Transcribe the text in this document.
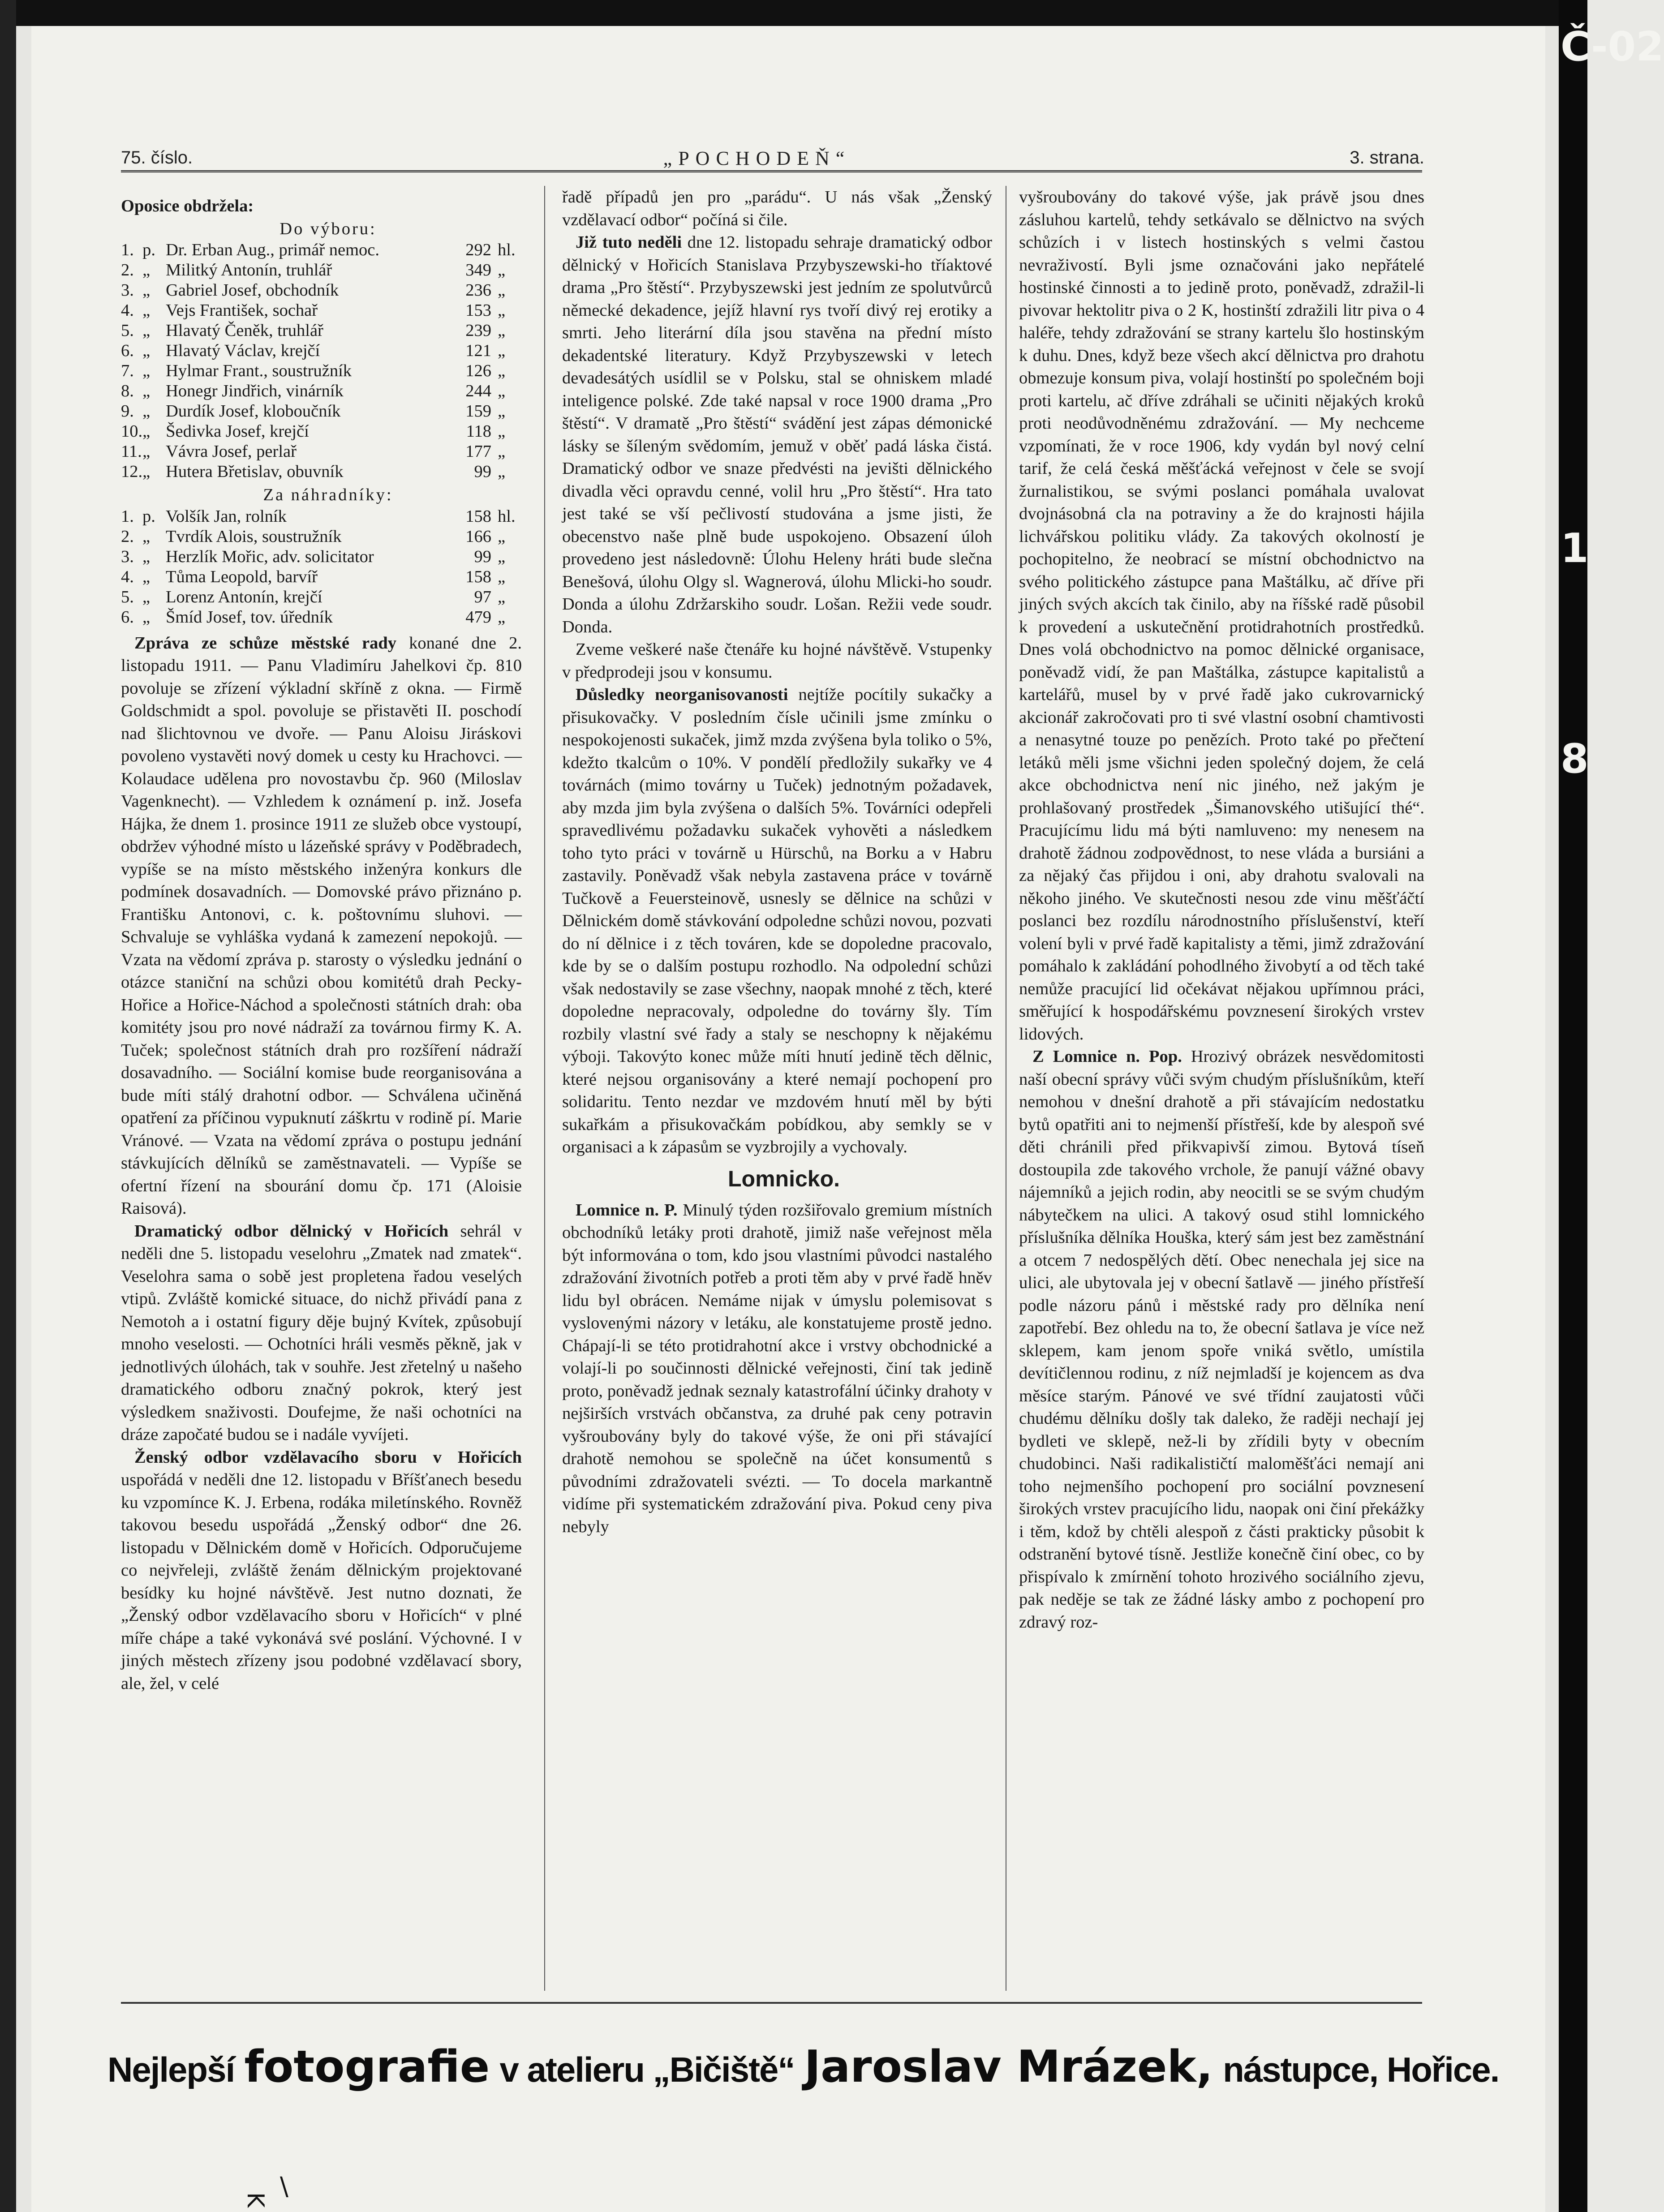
Č-02
1
8
75. číslo.	„POCHODEŇ“	3. strana.

Oposice obdržela:

Do výboru:

1.	p.	Dr. Erban Aug., primář nemoc.	292	hl.
2.	„	Militký Antonín, truhlář	349	„
3.	„	Gabriel Josef, obchodník	236	„
4.	„	Vejs František, sochař	153	„
5.	„	Hlavatý Čeněk, truhlář	239	„
6.	„	Hlavatý Václav, krejčí	121	„
7.	„	Hylmar Frant., soustružník	126	„
8.	„	Honegr Jindřich, vinárník	244	„
9.	„	Durdík Josef, kloboučník	159	„
10.	„	Šedivka Josef, krejčí	118	„
11.	„	Vávra Josef, perlař	177	„
12.	„	Hutera Břetislav, obuvník	99	„

Za náhradníky:

1.	p.	Volšík Jan, rolník	158	hl.
2.	„	Tvrdík Alois, soustružník	166	„
3.	„	Herzlík Mořic, adv. solicitator	99	„
4.	„	Tůma Leopold, barvíř	158	„
5.	„	Lorenz Antonín, krejčí	97	„
6.	„	Šmíd Josef, tov. úředník	479	„

Zpráva ze schůze městské rady konané dne 2. listopadu 1911. — Panu Vladimíru Jahelkovi čp. 810 povoluje se zřízení výkladní skříně z okna. — Firmě Goldschmidt a spol. povoluje se přistavěti II. poschodí nad šlichtovnou ve dvoře. — Panu Aloisu Jiráskovi povoleno vystavěti nový domek u cesty ku Hrachovci. — Kolaudace udělena pro novostavbu čp. 960 (Miloslav Vagenknecht). — Vzhledem k oznámení p. inž. Josefa Hájka, že dnem 1. prosince 1911 ze služeb obce vystoupí, obdržev výhodné místo u lázeňské správy v Poděbradech, vypíše se na místo městského inženýra konkurs dle podmínek dosavadních. — Domovské právo přiznáno p. Františku Antonovi, c. k. poštovnímu sluhovi. — Schvaluje se vyhláška vydaná k zamezení nepokojů. — Vzata na vědomí zpráva p. starosty o výsledku jednání o otázce staniční na schůzi obou komitétů drah Pecky-Hořice a Hořice-Náchod a společnosti státních drah: oba komitéty jsou pro nové nádraží za továrnou firmy K. A. Tuček; společnost státních drah pro rozšíření nádraží dosavadního. — Sociální komise bude reorganisována a bude míti stálý drahotní odbor. — Schválena učiněná opatření za příčinou vypuknutí záškrtu v rodině pí. Marie Vránové. — Vzata na vědomí zpráva o postupu jednání stávkujících dělníků se zaměstnavateli. — Vypíše se ofertní řízení na sbourání domu čp. 171 (Aloisie Raisová).

Dramatický odbor dělnický v Hořicích sehrál v neděli dne 5. listopadu veselohru „Zmatek nad zmatek“. Veselohra sama o sobě jest propletena řadou veselých vtipů. Zvláště komické situace, do nichž přivádí pana z Nemotoh a i ostatní figury děje bujný Kvítek, způsobují mnoho veselosti. — Ochotníci hráli vesměs pěkně, jak v jednotlivých úlohách, tak v souhře. Jest zřetelný u našeho dramatického odboru značný pokrok, který jest výsledkem snaživosti. Doufejme, že naši ochotníci na dráze započaté budou se i nadále vyvíjeti.

Ženský odbor vzdělavacího sboru v Hořicích uspořádá v neděli dne 12. listopadu v Bříšťanech besedu ku vzpomínce K. J. Erbena, rodáka miletínského. Rovněž takovou besedu uspořádá „Ženský odbor“ dne 26. listopadu v Dělnickém domě v Hořicích. Odporučujeme co nejvřeleji, zvláště ženám dělnickým projektované besídky ku hojné návštěvě. Jest nutno doznati, že „Ženský odbor vzdělavacího sboru v Hořicích“ v plné míře chápe a také vykonává své poslání. Výchovné. I v jiných městech zřízeny jsou podobné vzdělavací sbory, ale, žel, v celé

řadě případů jen pro „parádu“. U nás však „Ženský vzdělavací odbor“ počíná si čile.

Již tuto neděli dne 12. listopadu sehraje dramatický odbor dělnický v Hořicích Stanislava Przybyszewski-ho tříaktové drama „Pro štěstí“. Przybyszewski jest jedním ze spolutvůrců německé dekadence, jejíž hlavní rys tvoří divý rej erotiky a smrti. Jeho literární díla jsou stavěna na přední místo dekadentské literatury. Když Przybyszewski v letech devadesátých usídlil se v Polsku, stal se ohniskem mladé inteligence polské. Zde také napsal v roce 1900 drama „Pro štěstí“. V dramatě „Pro štěstí“ svádění jest zápas démonické lásky se šíleným svědomím, jemuž v oběť padá láska čistá. Dramatický odbor ve snaze předvésti na jevišti dělnického divadla věci opravdu cenné, volil hru „Pro štěstí“. Hra tato jest také se vší pečlivostí studována a jsme jisti, že obecenstvo naše plně bude uspokojeno. Obsazení úloh provedeno jest následovně: Úlohu Heleny hráti bude slečna Benešová, úlohu Olgy sl. Wagnerová, úlohu Mlicki-ho soudr. Donda a úlohu Zdržarskiho soudr. Lošan. Režii vede soudr. Donda.

Zveme veškeré naše čtenáře ku hojné návštěvě. Vstupenky v předprodeji jsou v konsumu.

Důsledky neorganisovanosti nejtíže pocítily sukačky a přisukovačky. V posledním čísle učinili jsme zmínku o nespokojenosti sukaček, jimž mzda zvýšena byla toliko o 5%, kdežto tkalcům o 10%. V pondělí předložily sukařky ve 4 továrnách (mimo továrny u Tuček) jednotným požadavek, aby mzda jim byla zvýšena o dalších 5%. Továrníci odepřeli spravedlivému požadavku sukaček vyhověti a následkem toho tyto práci v továrně u Hürschů, na Borku a v Habru zastavily. Poněvadž však nebyla zastavena práce v továrně Tučkově a Feuersteinově, usnesly se dělnice na schůzi v Dělnickém domě stávkování odpoledne schůzi novou, pozvati do ní dělnice i z těch továren, kde se dopoledne pracovalo, kde by se o dalším postupu rozhodlo. Na odpolední schůzi však nedostavily se zase všechny, naopak mnohé z těch, které dopoledne nepracovaly, odpoledne do továrny šly. Tím rozbily vlastní své řady a staly se neschopny k nějakému výboji. Takovýto konec může míti hnutí jedině těch dělnic, které nejsou organisovány a které nemají pochopení pro solidaritu. Tento nezdar ve mzdovém hnutí měl by býti sukařkám a přisukovačkám pobídkou, aby semkly se v organisaci a k zápasům se vyzbrojily a vychovaly.

Lomnicko.

Lomnice n. P. Minulý týden rozšiřovalo gremium místních obchodníků letáky proti drahotě, jimiž naše veřejnost měla být informována o tom, kdo jsou vlastními původci nastalého zdražování životních potřeb a proti těm aby v prvé řadě hněv lidu byl obrácen. Nemáme nijak v úmyslu polemisovat s vyslovenými názory v letáku, ale konstatujeme prostě jedno. Chápají-li se této protidrahotní akce i vrstvy obchodnické a volají-li po součinnosti dělnické veřejnosti, činí tak jedině proto, poněvadž jednak seznaly katastrofální účinky drahoty v nejširších vrstvách občanstva, za druhé pak ceny potravin vyšroubovány byly do takové výše, že oni při stávající drahotě nemohou se společně na účet konsumentů s původními zdražovateli svézti. — To docela markantně vidíme při systematickém zdražování piva. Pokud ceny piva nebyly

vyšroubovány do takové výše, jak právě jsou dnes zásluhou kartelů, tehdy setkávalo se dělnictvo na svých schůzích i v listech hostinských s velmi častou nevraživostí. Byli jsme označováni jako nepřátelé hostinské činnosti a to jedině proto, poněvadž, zdražil-li pivovar hektolitr piva o 2 K, hostinští zdražili litr piva o 4 haléře, tehdy zdražování se strany kartelu šlo hostinským k duhu. Dnes, když beze všech akcí dělnictva pro drahotu obmezuje konsum piva, volají hostinští po společném boji proti kartelu, ač dříve zdráhali se učiniti nějakých kroků proti neodůvodněnému zdražování. — My nechceme vzpomínati, že v roce 1906, kdy vydán byl nový celní tarif, že celá česká měšťácká veřejnost v čele se svojí žurnalistikou, se svými poslanci pomáhala uvalovat dvojnásobná cla na potraviny a že do krajnosti hájila lichvářskou politiku vlády. Za takových okolností je pochopitelno, že neobrací se místní obchodnictvo na svého politického zástupce pana Maštálku, ač dříve při jiných svých akcích tak činilo, aby na říšské radě působil k provedení a uskutečnění protidrahotních prostředků. Dnes volá obchodnictvo na pomoc dělnické organisace, poněvadž vidí, že pan Maštálka, zástupce kapitalistů a kartelářů, musel by v prvé řadě jako cukrovarnický akcionář zakročovati pro ti své vlastní osobní chamtivosti a nenasytné touze po penězích. Proto také po přečtení letáků měli jsme všichni jeden společný dojem, že celá akce obchodnictva není nic jiného, než jakým je prohlašovaný prostředek „Šimanovského utišující thé“. Pracujícímu lidu má býti namluveno: my nenesem na drahotě žádnou zodpovědnost, to nese vláda a bursiáni a za nějaký čas přijdou i oni, aby drahotu svalovali na někoho jiného. Ve skutečnosti nesou zde vinu měšťáčtí poslanci bez rozdílu národnostního příslušenství, kteří volení byli v prvé řadě kapitalisty a těmi, jimž zdražování pomáhalo k zakládání pohodlného živobytí a od těch také nemůže pracující lid očekávat nějakou upřímnou práci, směřující k hospodářskému povznesení širokých vrstev lidových.

Z Lomnice n. Pop. Hrozivý obrázek nesvědomitosti naší obecní správy vůči svým chudým příslušníkům, kteří nemohou v dnešní drahotě a při stávajícím nedostatku bytů opatřiti ani to nejmenší přístřeší, kde by alespoň své děti chránili před přikvapivší zimou. Bytová tíseň dostoupila zde takového vrchole, že panují vážné obavy nájemníků a jejich rodin, aby neocitli se se svým chudým nábytečkem na ulici. A takový osud stihl lomnického příslušníka dělníka Houška, který sám jest bez zaměstnání a otcem 7 nedospělých dětí. Obec nenechala jej sice na ulici, ale ubytovala jej v obecní šatlavě — jiného přístřeší podle názoru pánů i městské rady pro dělníka není zapotřebí. Bez ohledu na to, že obecní šatlava je více než sklepem, kam jenom spoře vniká světlo, umístila devítičlennou rodinu, z níž nejmladší je kojencem as dva měsíce starým. Pánové ve své třídní zaujatosti vůči chudému dělníku došly tak daleko, že raději nechají jej bydleti ve sklepě, než-li by zřídili byty v obecním chudobinci. Naši radikalističtí maloměšťáci nemají ani toho nejmenšího pochopení pro sociální povznesení širokých vrstev pracujícího lidu, naopak oni činí překážky i těm, kdož by chtěli alespoň z části prakticky působit k odstranění bytové tísně. Jestliže konečně činí obec, co by přispívalo k zmírnění tohoto hrozivého sociálního zjevu, pak neděje se tak ze žádné lásky ambo z pochopení pro zdravý roz-

Nejlepší fotografie v atelieru „Bičiště“ Jaroslav Mrázek, nástupce, Hořice.
\
K
